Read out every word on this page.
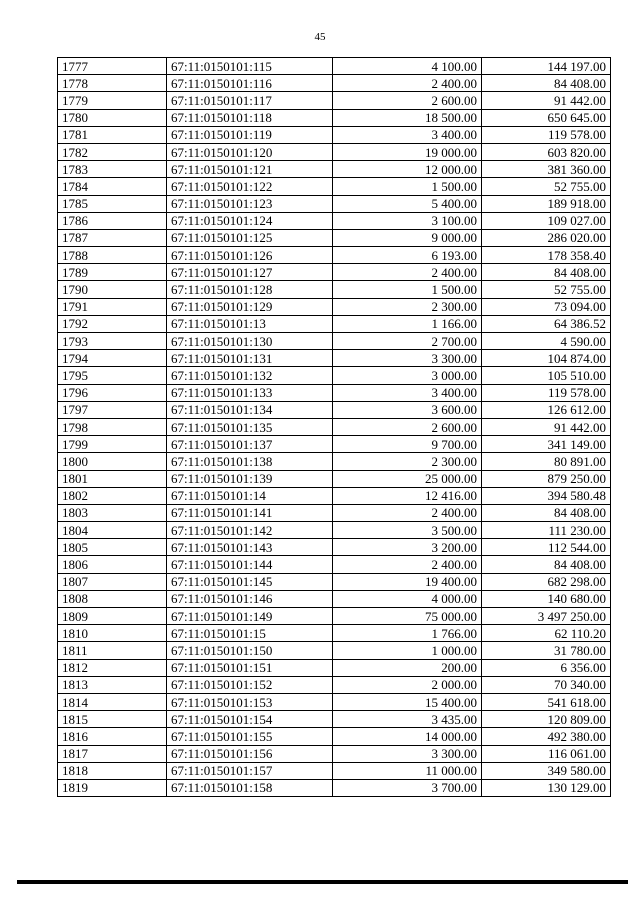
45
1777	67:11:0150101:115	4 100.00	144 197.00
1778	67:11:0150101:116	2 400.00	84 408.00
1779	67:11:0150101:117	2 600.00	91 442.00
1780	67:11:0150101:118	18 500.00	650 645.00
1781	67:11:0150101:119	3 400.00	119 578.00
1782	67:11:0150101:120	19 000.00	603 820.00
1783	67:11:0150101:121	12 000.00	381 360.00
1784	67:11:0150101:122	1 500.00	52 755.00
1785	67:11:0150101:123	5 400.00	189 918.00
1786	67:11:0150101:124	3 100.00	109 027.00
1787	67:11:0150101:125	9 000.00	286 020.00
1788	67:11:0150101:126	6 193.00	178 358.40
1789	67:11:0150101:127	2 400.00	84 408.00
1790	67:11:0150101:128	1 500.00	52 755.00
1791	67:11:0150101:129	2 300.00	73 094.00
1792	67:11:0150101:13	1 166.00	64 386.52
1793	67:11:0150101:130	2 700.00	4 590.00
1794	67:11:0150101:131	3 300.00	104 874.00
1795	67:11:0150101:132	3 000.00	105 510.00
1796	67:11:0150101:133	3 400.00	119 578.00
1797	67:11:0150101:134	3 600.00	126 612.00
1798	67:11:0150101:135	2 600.00	91 442.00
1799	67:11:0150101:137	9 700.00	341 149.00
1800	67:11:0150101:138	2 300.00	80 891.00
1801	67:11:0150101:139	25 000.00	879 250.00
1802	67:11:0150101:14	12 416.00	394 580.48
1803	67:11:0150101:141	2 400.00	84 408.00
1804	67:11:0150101:142	3 500.00	111 230.00
1805	67:11:0150101:143	3 200.00	112 544.00
1806	67:11:0150101:144	2 400.00	84 408.00
1807	67:11:0150101:145	19 400.00	682 298.00
1808	67:11:0150101:146	4 000.00	140 680.00
1809	67:11:0150101:149	75 000.00	3 497 250.00
1810	67:11:0150101:15	1 766.00	62 110.20
1811	67:11:0150101:150	1 000.00	31 780.00
1812	67:11:0150101:151	200.00	6 356.00
1813	67:11:0150101:152	2 000.00	70 340.00
1814	67:11:0150101:153	15 400.00	541 618.00
1815	67:11:0150101:154	3 435.00	120 809.00
1816	67:11:0150101:155	14 000.00	492 380.00
1817	67:11:0150101:156	3 300.00	116 061.00
1818	67:11:0150101:157	11 000.00	349 580.00
1819	67:11:0150101:158	3 700.00	130 129.00
